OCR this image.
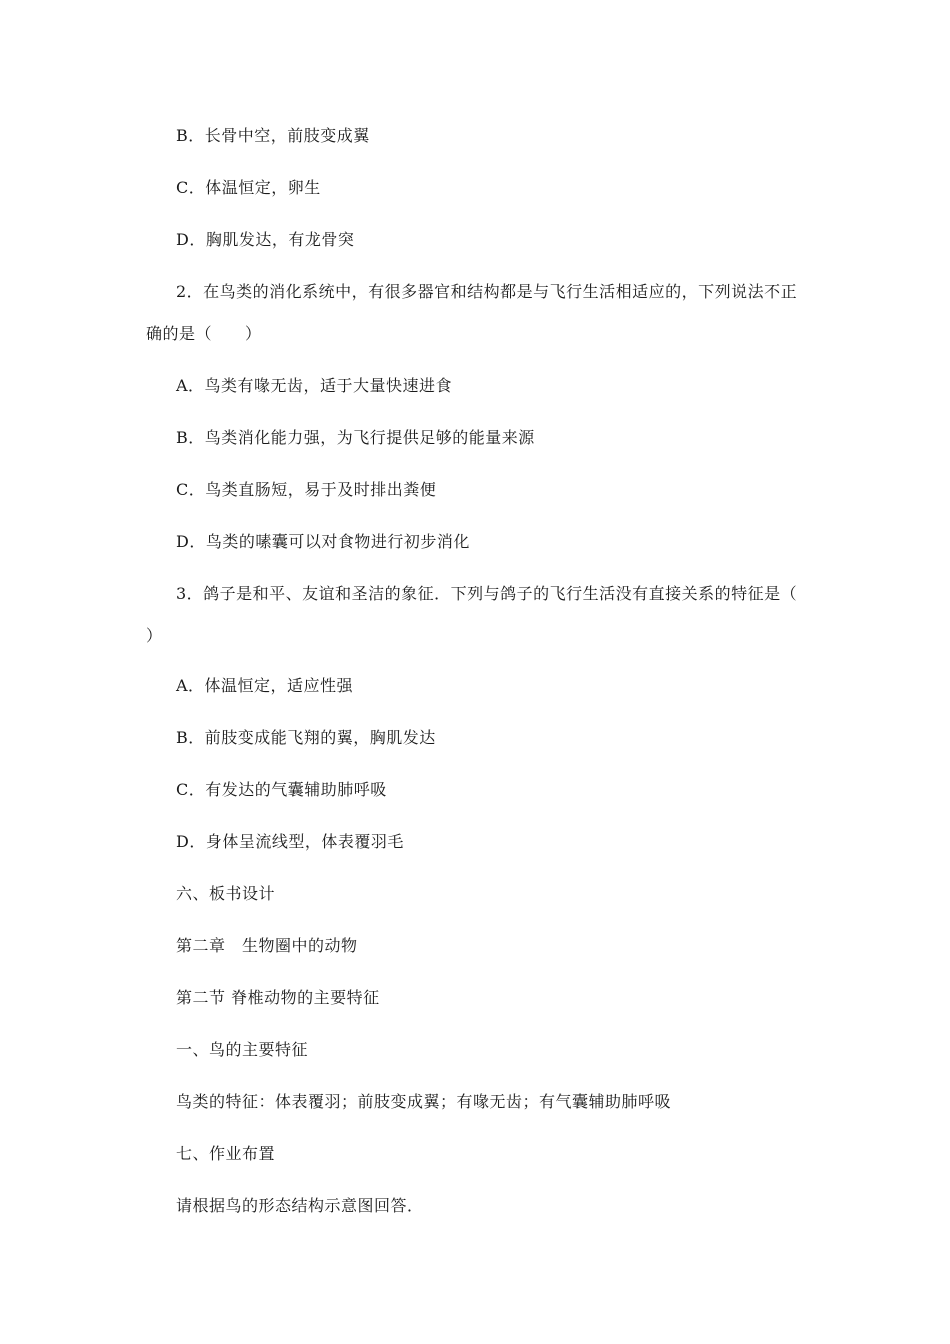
B．长骨中空，前肢变成翼
C．体温恒定，卵生
D．胸肌发达，有龙骨突
2．在鸟类的消化系统中，有很多器官和结构都是与飞行生活相适应的，下列说法不正
确的是（　　）
A．鸟类有喙无齿，适于大量快速进食
B．鸟类消化能力强，为飞行提供足够的能量来源
C．鸟类直肠短，易于及时排出粪便
D．鸟类的嗉囊可以对食物进行初步消化
3．鸽子是和平、友谊和圣洁的象征．下列与鸽子的飞行生活没有直接关系的特征是（
）
A．体温恒定，适应性强
B．前肢变成能飞翔的翼，胸肌发达
C．有发达的气囊辅助肺呼吸
D．身体呈流线型，体表覆羽毛
六、板书设计
第二章　生物圈中的动物
第二节 脊椎动物的主要特征
一、鸟的主要特征
鸟类的特征：体表覆羽；前肢变成翼；有喙无齿；有气囊辅助肺呼吸
七、作业布置
请根据鸟的形态结构示意图回答．
